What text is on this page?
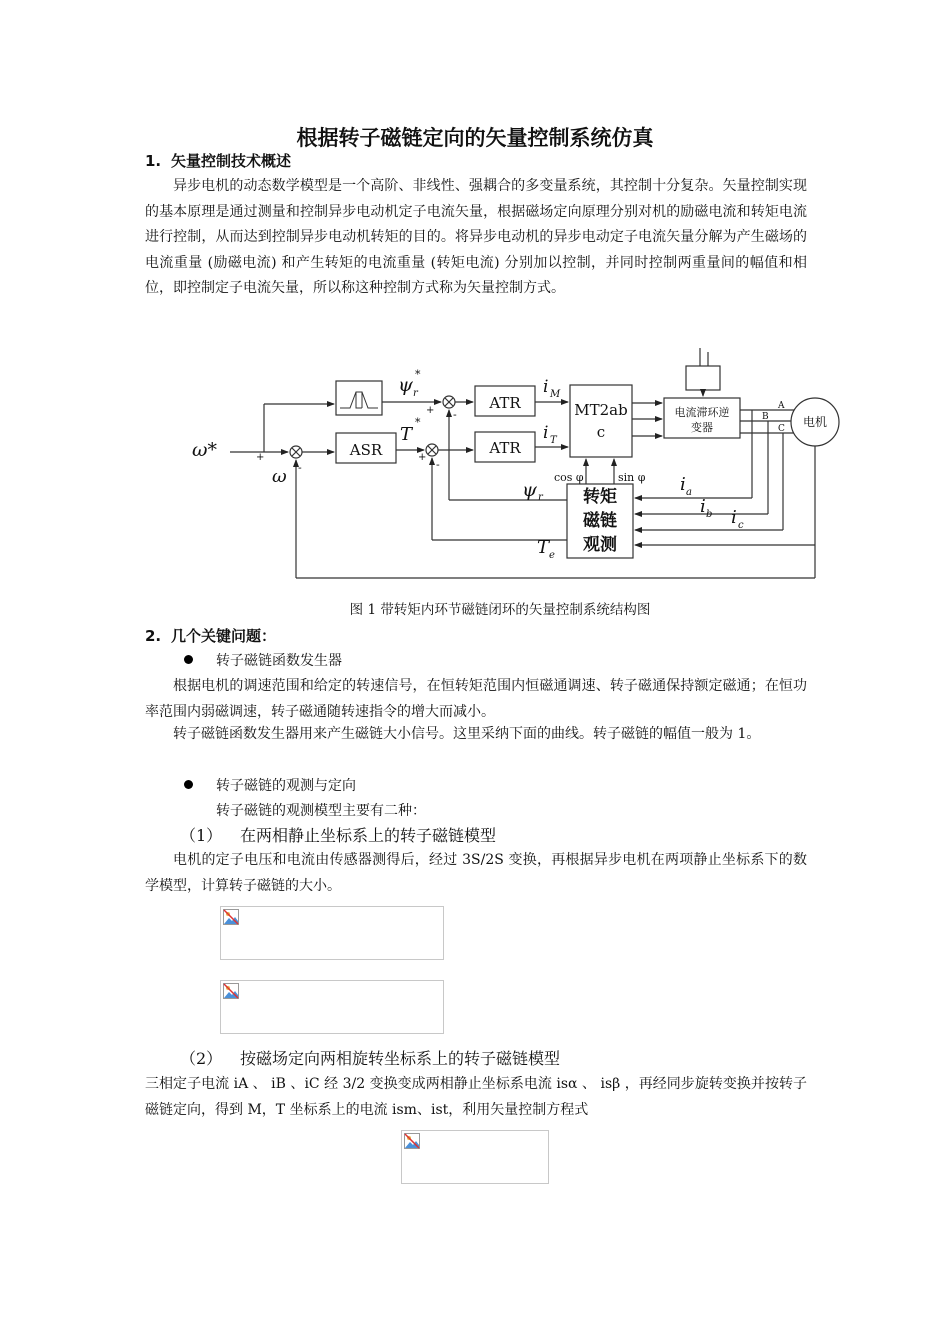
根据转子磁链定向的矢量控制系统仿真
1. 矢量控制技术概述
异步电机的动态数学模型是一个高阶、非线性、强耦合的多变量系统，其控制十分复杂。矢量控制实现的基本原理是通过测量和控制异步电动机定子电流矢量，根据磁场定向原理分别对机的励磁电流和转矩电流进行控制，从而达到控制异步电动机转矩的目的。将异步电动机的异步电动定子电流矢量分解为产生磁场的电流重量 (励磁电流) 和产生转矩的电流重量 (转矩电流) 分别加以控制，并同时控制两重量间的幅值和相位，即控制定子电流矢量，所以称这种控制方式称为矢量控制方式。
ω*
ω
ψ r
*
T
*
i M
i T
ATR
ATR
ASR
MT2ab
c
电流滞环逆
变器	电机
A
B
C
cos φ	sin φ
ψ r 转矩
磁链
观测
i a
i b i c
T e
+
-
+ -
+
-
图 1 带转矩内环节磁链闭环的矢量控制系统结构图
2. 几个关键问题：
转子磁链函数发生器
根据电机的调速范围和给定的转速信号，在恒转矩范围内恒磁通调速、转子磁通保持额定磁通；在恒功率范围内弱磁调速，转子磁通随转速指令的增大而减小。
转子磁链函数发生器用来产生磁链大小信号。这里采纳下面的曲线。转子磁链的幅值一般为 1。
转子磁链的观测与定向
转子磁链的观测模型主要有二种：
（1） 在两相静止坐标系上的转子磁链模型
电机的定子电压和电流由传感器测得后，经过 3S/2S 变换，再根据异步电机在两项静止坐标系下的数学模型，计算转子磁链的大小。
（2） 按磁场定向两相旋转坐标系上的转子磁链模型
三相定子电流 iA 、 iB 、iC 经 3/2 变换变成两相静止坐标系电流 isα 、 isβ ，再经同步旋转变换并按转子磁链定向，得到 M，T 坐标系上的电流 ism、ist，利用矢量控制方程式
